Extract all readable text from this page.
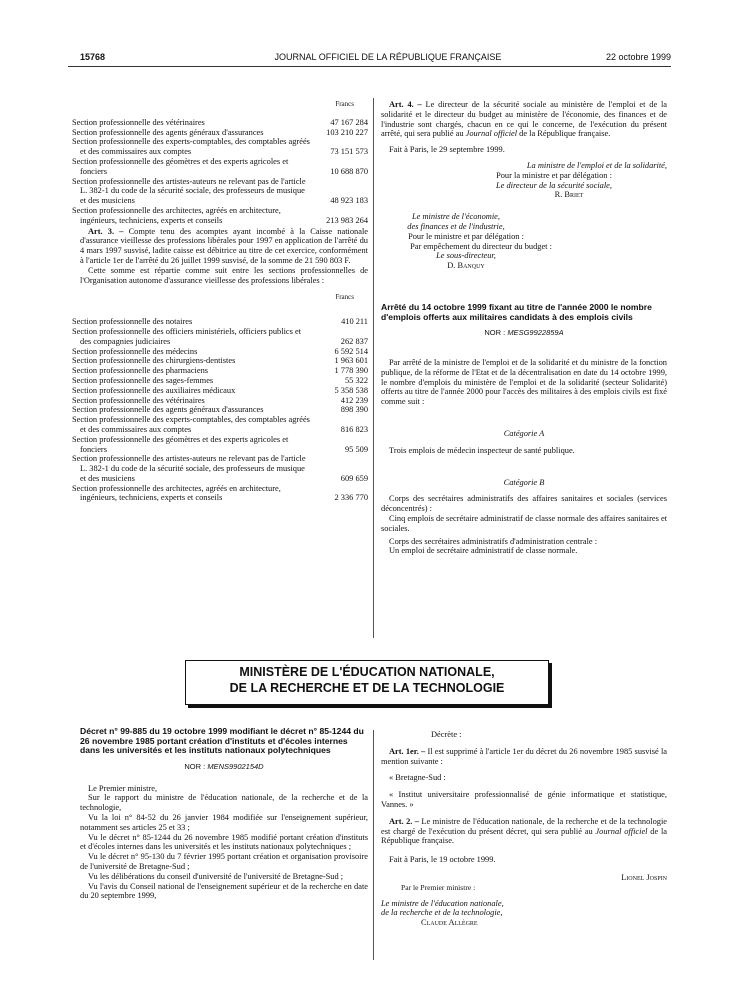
15768	JOURNAL OFFICIEL DE LA RÉPUBLIQUE FRANÇAISE	22 octobre 1999
Francs
Section professionnelle des vétérinaires	47 167 284
Section professionnelle des agents généraux d'assurances	103 210 227
Section professionnelle des experts-comptables, des comptables agréés et des commissaires aux comptes	73 151 573
Section professionnelle des géomètres et des experts agricoles et fonciers	10 688 870
Section professionnelle des artistes-auteurs ne relevant pas de l'article L. 382-1 du code de la sécurité sociale, des professeurs de musique et des musiciens	48 923 183
Section professionnelle des architectes, agréés en architecture, ingénieurs, techniciens, experts et conseils	213 983 264

Art. 3. – Compte tenu des acomptes ayant incombé à la Caisse nationale d'assurance vieillesse des professions libérales pour 1997 en application de l'arrêté du 4 mars 1997 susvisé, ladite caisse est débitrice au titre de cet exercice, conformément à l'article 1er de l'arrêté du 26 juillet 1999 susvisé, de la somme de 21 590 803 F.

Cette somme est répartie comme suit entre les sections professionnelles de l'Organisation autonome d'assurance vieillesse des professions libérales :

Francs
Section professionnelle des notaires	410 211
Section professionnelle des officiers ministériels, officiers publics et des compagnies judiciaires	262 837
Section professionnelle des médecins	6 592 514
Section professionnelle des chirurgiens-dentistes	1 963 601
Section professionnelle des pharmaciens	1 778 390
Section professionnelle des sages-femmes	55 322
Section professionnelle des auxiliaires médicaux	5 358 538
Section professionnelle des vétérinaires	412 239
Section professionnelle des agents généraux d'assurances	898 390
Section professionnelle des experts-comptables, des comptables agréés et des commissaires aux comptes	816 823
Section professionnelle des géomètres et des experts agricoles et fonciers	95 509
Section professionnelle des artistes-auteurs ne relevant pas de l'article L. 382-1 du code de la sécurité sociale, des professeurs de musique et des musiciens	609 659
Section professionnelle des architectes, agréés en architecture, ingénieurs, techniciens, experts et conseils	2 336 770

Art. 4. – Le directeur de la sécurité sociale au ministère de l'emploi et de la solidarité et le directeur du budget au ministère de l'économie, des finances et de l'industrie sont chargés, chacun en ce qui le concerne, de l'exécution du présent arrêté, qui sera publié au Journal officiel de la République française.

Fait à Paris, le 29 septembre 1999.

La ministre de l'emploi et de la solidarité,

Pour la ministre et par délégation :

Le directeur de la sécurité sociale,

R. Briet

Le ministre de l'économie,

des finances et de l'industrie,

Pour le ministre et par délégation :

Par empêchement du directeur du budget :

Le sous-directeur,

D. Banquy

Arrêté du 14 octobre 1999 fixant au titre de l'année 2000 le nombre d'emplois offerts aux militaires candidats à des emplois civils

NOR : MESG9922859A

Par arrêté de la ministre de l'emploi et de la solidarité et du ministre de la fonction publique, de la réforme de l'Etat et de la décentralisation en date du 14 octobre 1999, le nombre d'emplois du ministère de l'emploi et de la solidarité (secteur Solidarité) offerts au titre de l'année 2000 pour l'accès des militaires à des emplois civils est fixé comme suit :

Catégorie A

Trois emplois de médecin inspecteur de santé publique.

Catégorie B

Corps des secrétaires administratifs des affaires sanitaires et sociales (services déconcentrés) :

Cinq emplois de secrétaire administratif de classe normale des affaires sanitaires et sociales.

Corps des secrétaires administratifs d'administration centrale :

Un emploi de secrétaire administratif de classe normale.

MINISTÈRE DE L'ÉDUCATION NATIONALE,
DE LA RECHERCHE ET DE LA TECHNOLOGIE

Décret n° 99-885 du 19 octobre 1999 modifiant le décret n° 85-1244 du 26 novembre 1985 portant création d'instituts et d'écoles internes dans les universités et les instituts nationaux polytechniques

NOR : MENS9902154D

Le Premier ministre,

Sur le rapport du ministre de l'éducation nationale, de la recherche et de la technologie,

Vu la loi n° 84-52 du 26 janvier 1984 modifiée sur l'enseignement supérieur, notamment ses articles 25 et 33 ;

Vu le décret n° 85-1244 du 26 novembre 1985 modifié portant création d'instituts et d'écoles internes dans les universités et les instituts nationaux polytechniques ;

Vu le décret n° 95-130 du 7 février 1995 portant création et organisation provisoire de l'université de Bretagne-Sud ;

Vu les délibérations du conseil d'université de l'université de Bretagne-Sud ;

Vu l'avis du Conseil national de l'enseignement supérieur et de la recherche en date du 20 septembre 1999,

Décrète :

Art. 1er. – Il est supprimé à l'article 1er du décret du 26 novembre 1985 susvisé la mention suivante :

« Bretagne-Sud :

« Institut universitaire professionnalisé de génie informatique et statistique, Vannes. »

Art. 2. – Le ministre de l'éducation nationale, de la recherche et de la technologie est chargé de l'exécution du présent décret, qui sera publié au Journal officiel de la République française.

Fait à Paris, le 19 octobre 1999.

Lionel Jospin

Par le Premier ministre :

Le ministre de l'éducation nationale,

de la recherche et de la technologie,

Claude Allègre
